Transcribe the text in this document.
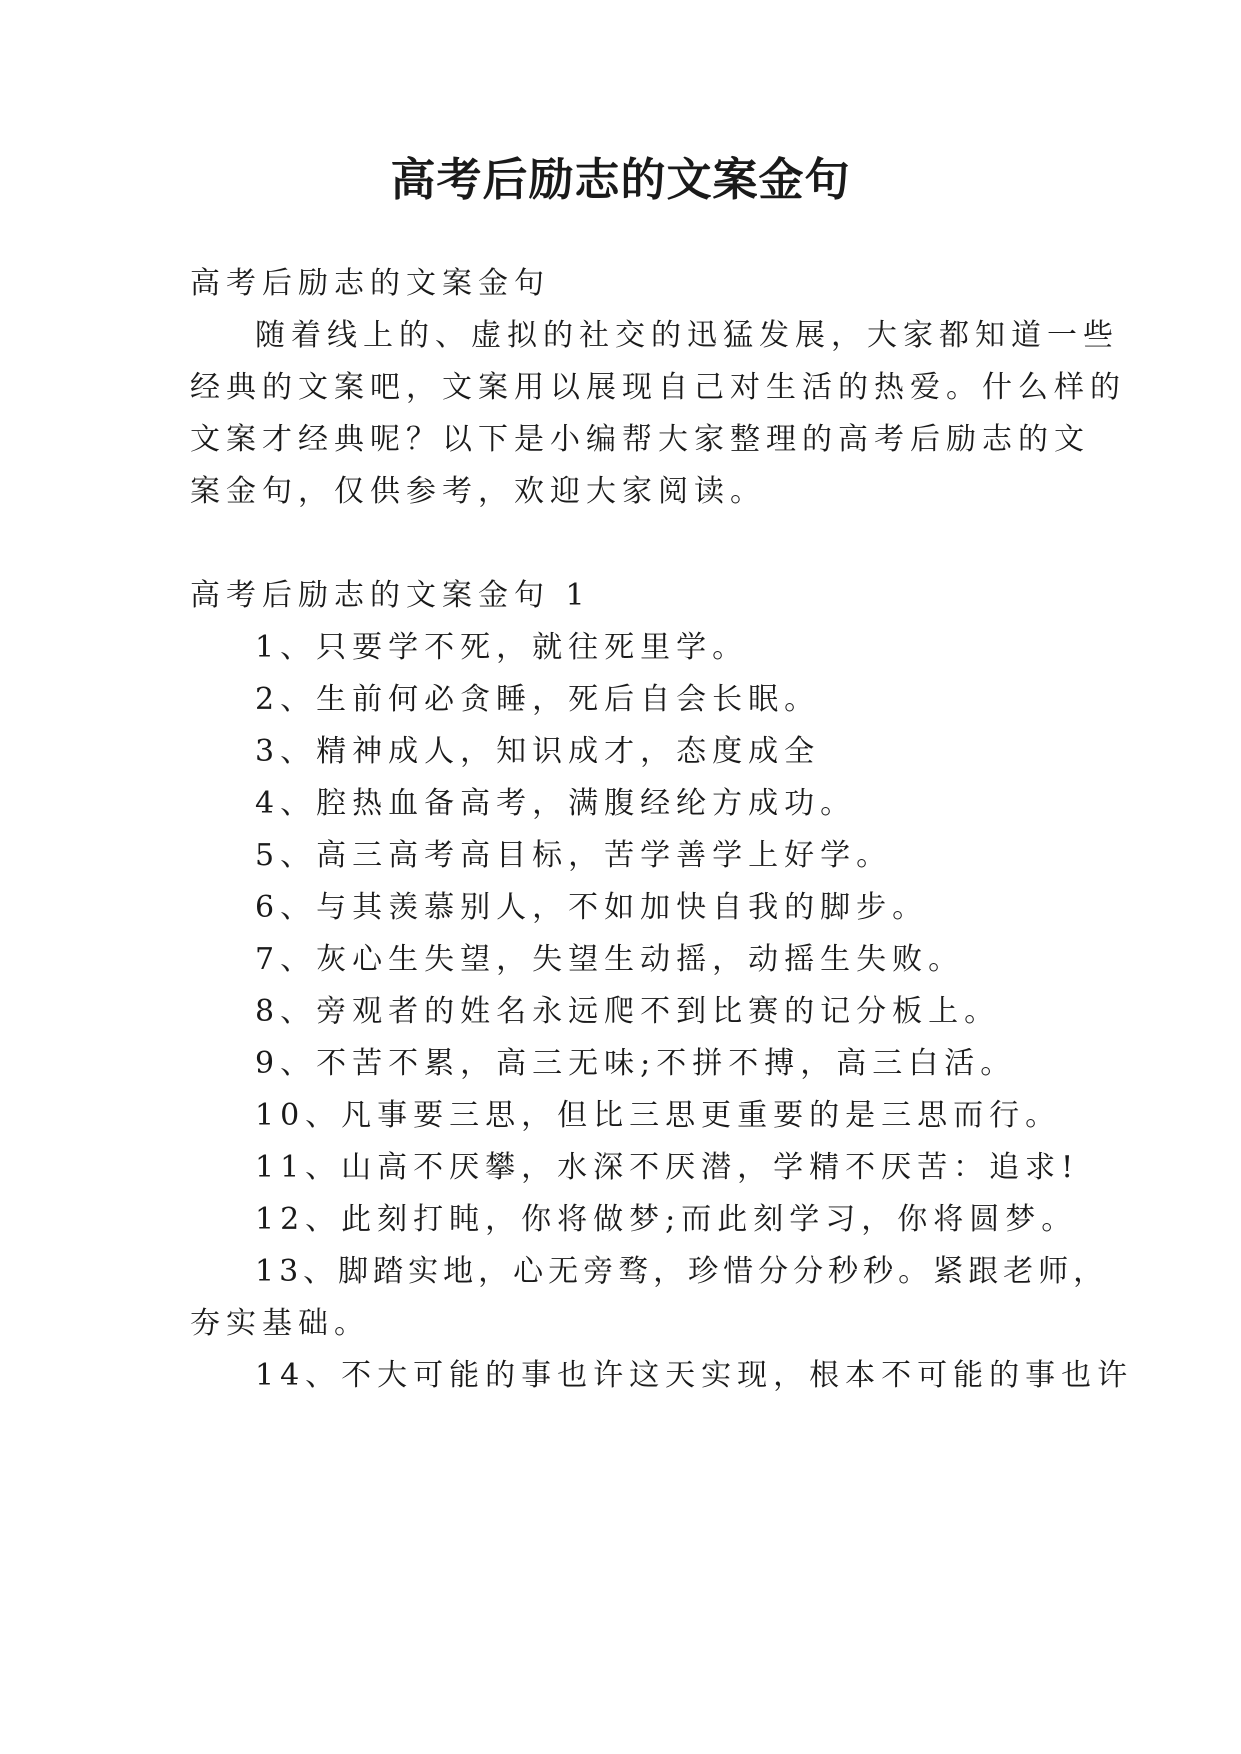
高考后励志的文案金句

高考后励志的文案金句

随着线上的、虚拟的社交的迅猛发展，大家都知道一些

经典的文案吧，文案用以展现自己对生活的热爱。什么样的

文案才经典呢？以下是小编帮大家整理的高考后励志的文

案金句，仅供参考，欢迎大家阅读。

高考后励志的文案金句 1

1、只要学不死，就往死里学。

2、生前何必贪睡，死后自会长眠。

3、精神成人，知识成才，态度成全

4、腔热血备高考，满腹经纶方成功。

5、高三高考高目标，苦学善学上好学。

6、与其羡慕别人，不如加快自我的脚步。

7、灰心生失望，失望生动摇，动摇生失败。

8、旁观者的姓名永远爬不到比赛的记分板上。

9、不苦不累，高三无味;不拼不搏，高三白活。

10、凡事要三思，但比三思更重要的是三思而行。

11、山高不厌攀，水深不厌潜，学精不厌苦：追求!

12、此刻打盹，你将做梦;而此刻学习，你将圆梦。

13、脚踏实地，心无旁骛，珍惜分分秒秒。紧跟老师，

夯实基础。

14、不大可能的事也许这天实现，根本不可能的事也许
